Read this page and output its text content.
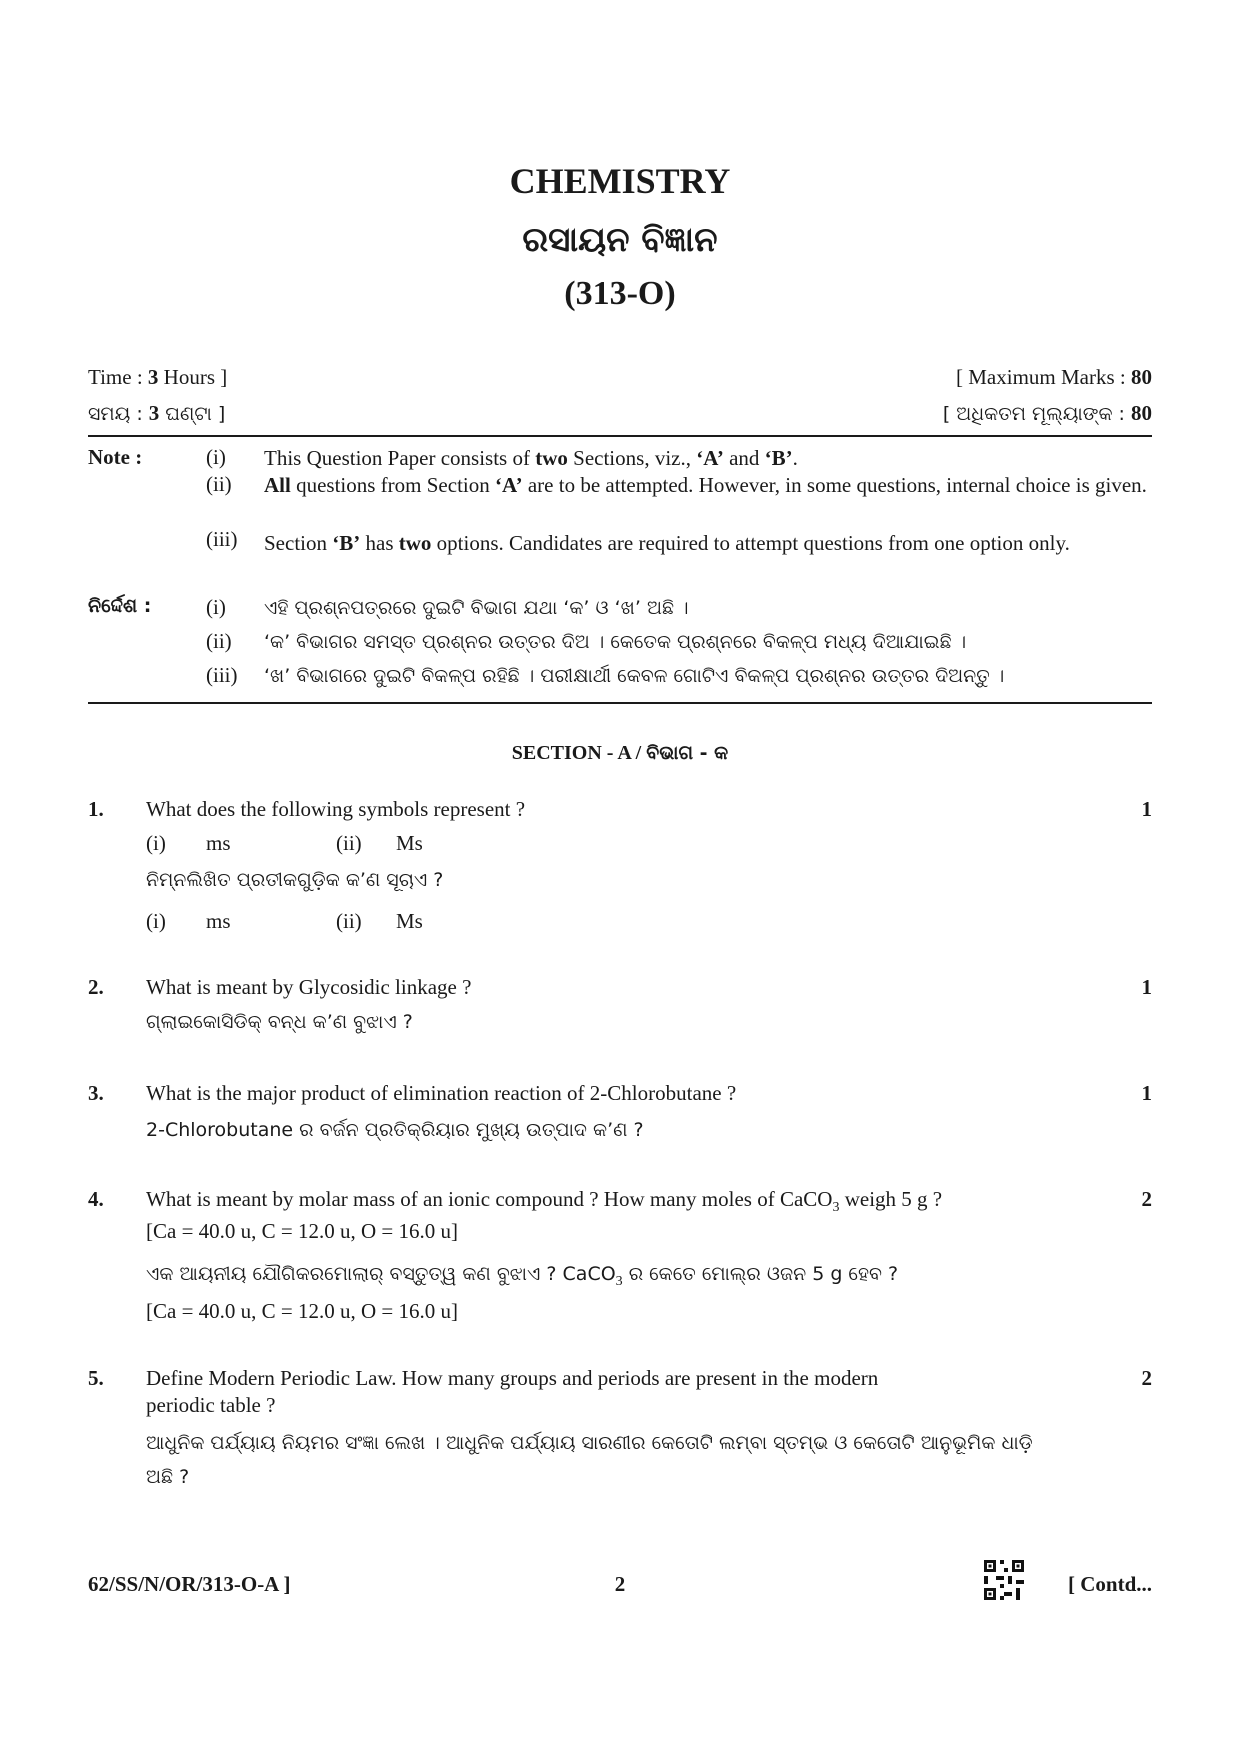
CHEMISTRY
ରସାୟନ ବିଜ୍ଞାନ
(313-O)
Time : 3 Hours ]	[ Maximum Marks : 80
ସମୟ : 3 ଘଣ୍ଟା ]	[ ଅଧିକତମ ମୂଲ୍ୟାଙ୍କ : 80
Note :	(i) This Question Paper consists of two Sections, viz., ‘A’ and ‘B’.
(ii) All questions from Section ‘A’ are to be attempted. However, in some questions, internal choice is given.
(iii) Section ‘B’ has two options. Candidates are required to attempt questions from one option only.
ନିର୍ଦ୍ଦେଶ :	(i) ଏହି ପ୍ରଶ୍ନପତ୍ରରେ ଦୁଇଟି ବିଭାଗ ଯଥା ‘କ’ ଓ ‘ଖ’ ଅଛି ।
(ii) ‘କ’ ବିଭାଗର ସମସ୍ତ ପ୍ରଶ୍ନର ଉତ୍ତର ଦିଅ । କେତେକ ପ୍ରଶ୍ନରେ ବିକଳ୍ପ ମଧ୍ୟ ଦିଆଯାଇଛି ।
(iii) ‘ଖ’ ବିଭାଗରେ ଦୁଇଟି ବିକଳ୍ପ ରହିଛି । ପରୀକ୍ଷାର୍ଥୀ କେବଳ ଗୋଟିଏ ବିକଳ୍ପ ପ୍ରଶ୍ନର ଉତ୍ତର ଦିଅନ୍ତୁ ।
SECTION - A / ବିଭାଗ - କ
1. What does the following symbols represent ?
(i) ms	(ii) Ms
ନିମ୍ନଲିଖିତ ପ୍ରତୀକଗୁଡ଼ିକ କ’ଣ ସୂଚାଏ ?
(i) ms	(ii) Ms
1
2. What is meant by Glycosidic linkage ?
ଗ୍ଲାଇକୋସିଡିକ୍ ବନ୍ଧ କ’ଣ ବୁଝାଏ ?
1
3. What is the major product of elimination reaction of 2-Chlorobutane ?
2-Chlorobutane ର ବର୍ଜନ ପ୍ରତିକ୍ରିୟାର ମୁଖ୍ୟ ଉତ୍ପାଦ କ’ଣ ?
1
4. What is meant by molar mass of an ionic compound ? How many moles of CaCO$_3$ weigh 5 g ?
[Ca = 40.0 u, C = 12.0 u, O = 16.0 u]
ଏକ ଆୟନୀୟ ଯୌଗିକରମୋଲାର୍ ବସ୍ତୁତ୍ୱ କଣ ବୁଝାଏ ? CaCO$_3$ ର କେତେ ମୋଲ୍‌ର ଓଜନ 5 g ହେବ ?
[Ca = 40.0 u, C = 12.0 u, O = 16.0 u]
2
5. Define Modern Periodic Law. How many groups and periods are present in the modern
periodic table ?
ଆଧୁନିକ ପର୍ଯ୍ୟାୟ ନିୟମର ସଂଜ୍ଞା ଲେଖ । ଆଧୁନିକ ପର୍ଯ୍ୟାୟ ସାରଣୀର କେତୋଟି ଲମ୍ବା ସ୍ତମ୍ଭ ଓ କେତୋଟି ଆନୁଭୂମିକ ଧାଡ଼ି
ଅଛି ?
2
62/SS/N/OR/313-O-A ]	2	[ Contd...
